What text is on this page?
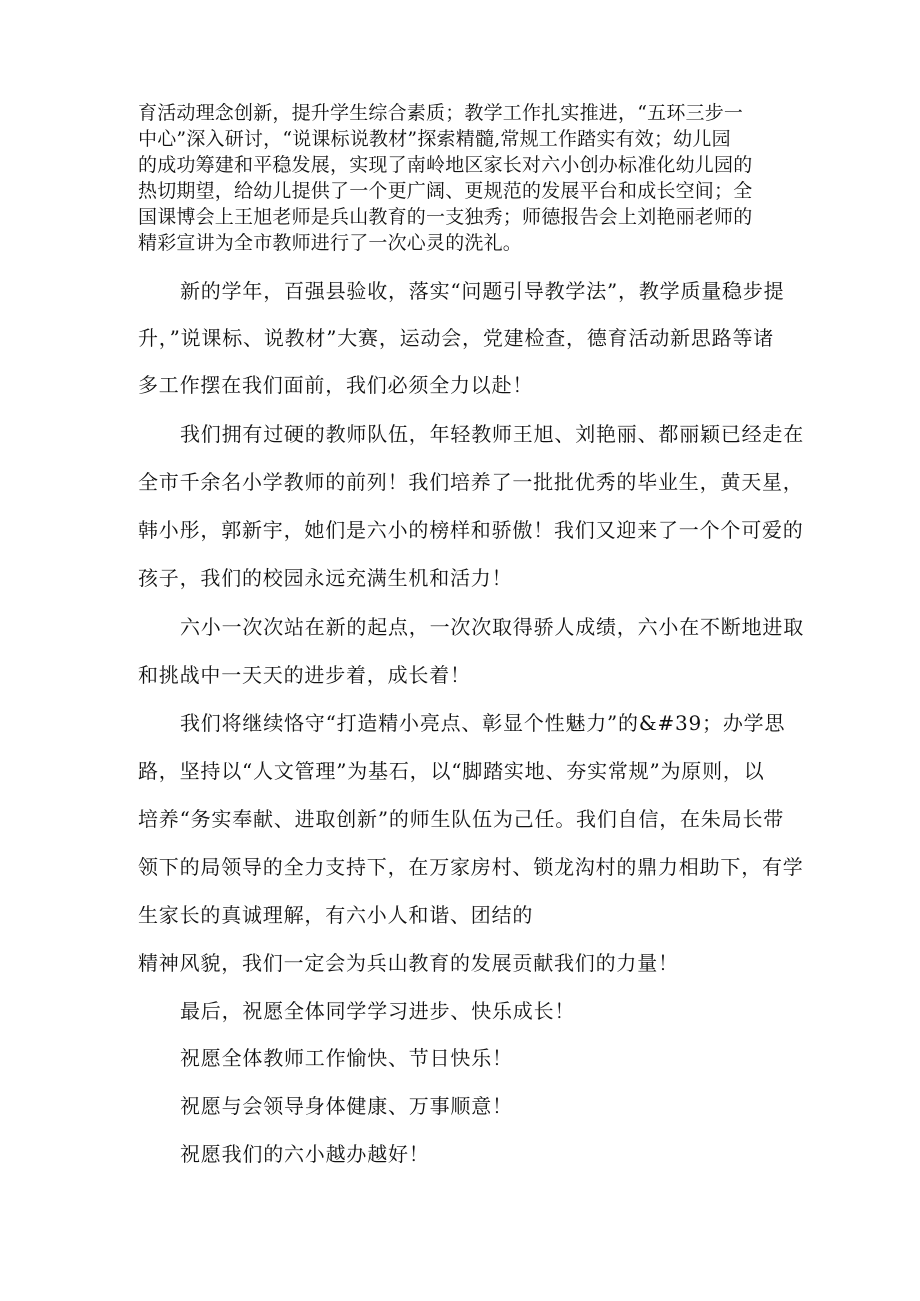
育活动理念创新，提升学生综合素质；教学工作扎实推进，“五环三步一
中心”深入研讨，“说课标说教材”探索精髓,常规工作踏实有效；幼儿园
的成功筹建和平稳发展，实现了南岭地区家长对六小创办标准化幼儿园的
热切期望，给幼儿提供了一个更广阔、更规范的发展平台和成长空间；全
国课博会上王旭老师是兵山教育的一支独秀；师德报告会上刘艳丽老师的
精彩宣讲为全市教师进行了一次心灵的洗礼。
新的学年，百强县验收，落实“问题引导教学法”，教学质量稳步提
升，”说课标、说教材”大赛，运动会，党建检查，德育活动新思路等诸
多工作摆在我们面前，我们必须全力以赴！
我们拥有过硬的教师队伍，年轻教师王旭、刘艳丽、都丽颖已经走在
全市千余名小学教师的前列！我们培养了一批批优秀的毕业生，黄天星，
韩小彤，郭新宇，她们是六小的榜样和骄傲！我们又迎来了一个个可爱的
孩子，我们的校园永远充满生机和活力！
六小一次次站在新的起点，一次次取得骄人成绩，六小在不断地进取
和挑战中一天天的进步着，成长着！
我们将继续恪守“打造精小亮点、彰显个性魅力”的&#39；办学思
路，坚持以“人文管理”为基石，以“脚踏实地、夯实常规”为原则，以
培养“务实奉献、进取创新”的师生队伍为己任。我们自信，在朱局长带
领下的局领导的全力支持下，在万家房村、锁龙沟村的鼎力相助下，有学
生家长的真诚理解，有六小人和谐、团结的
精神风貌，我们一定会为兵山教育的发展贡献我们的力量！
最后，祝愿全体同学学习进步、快乐成长！
祝愿全体教师工作愉快、节日快乐！
祝愿与会领导身体健康、万事顺意！
祝愿我们的六小越办越好！
